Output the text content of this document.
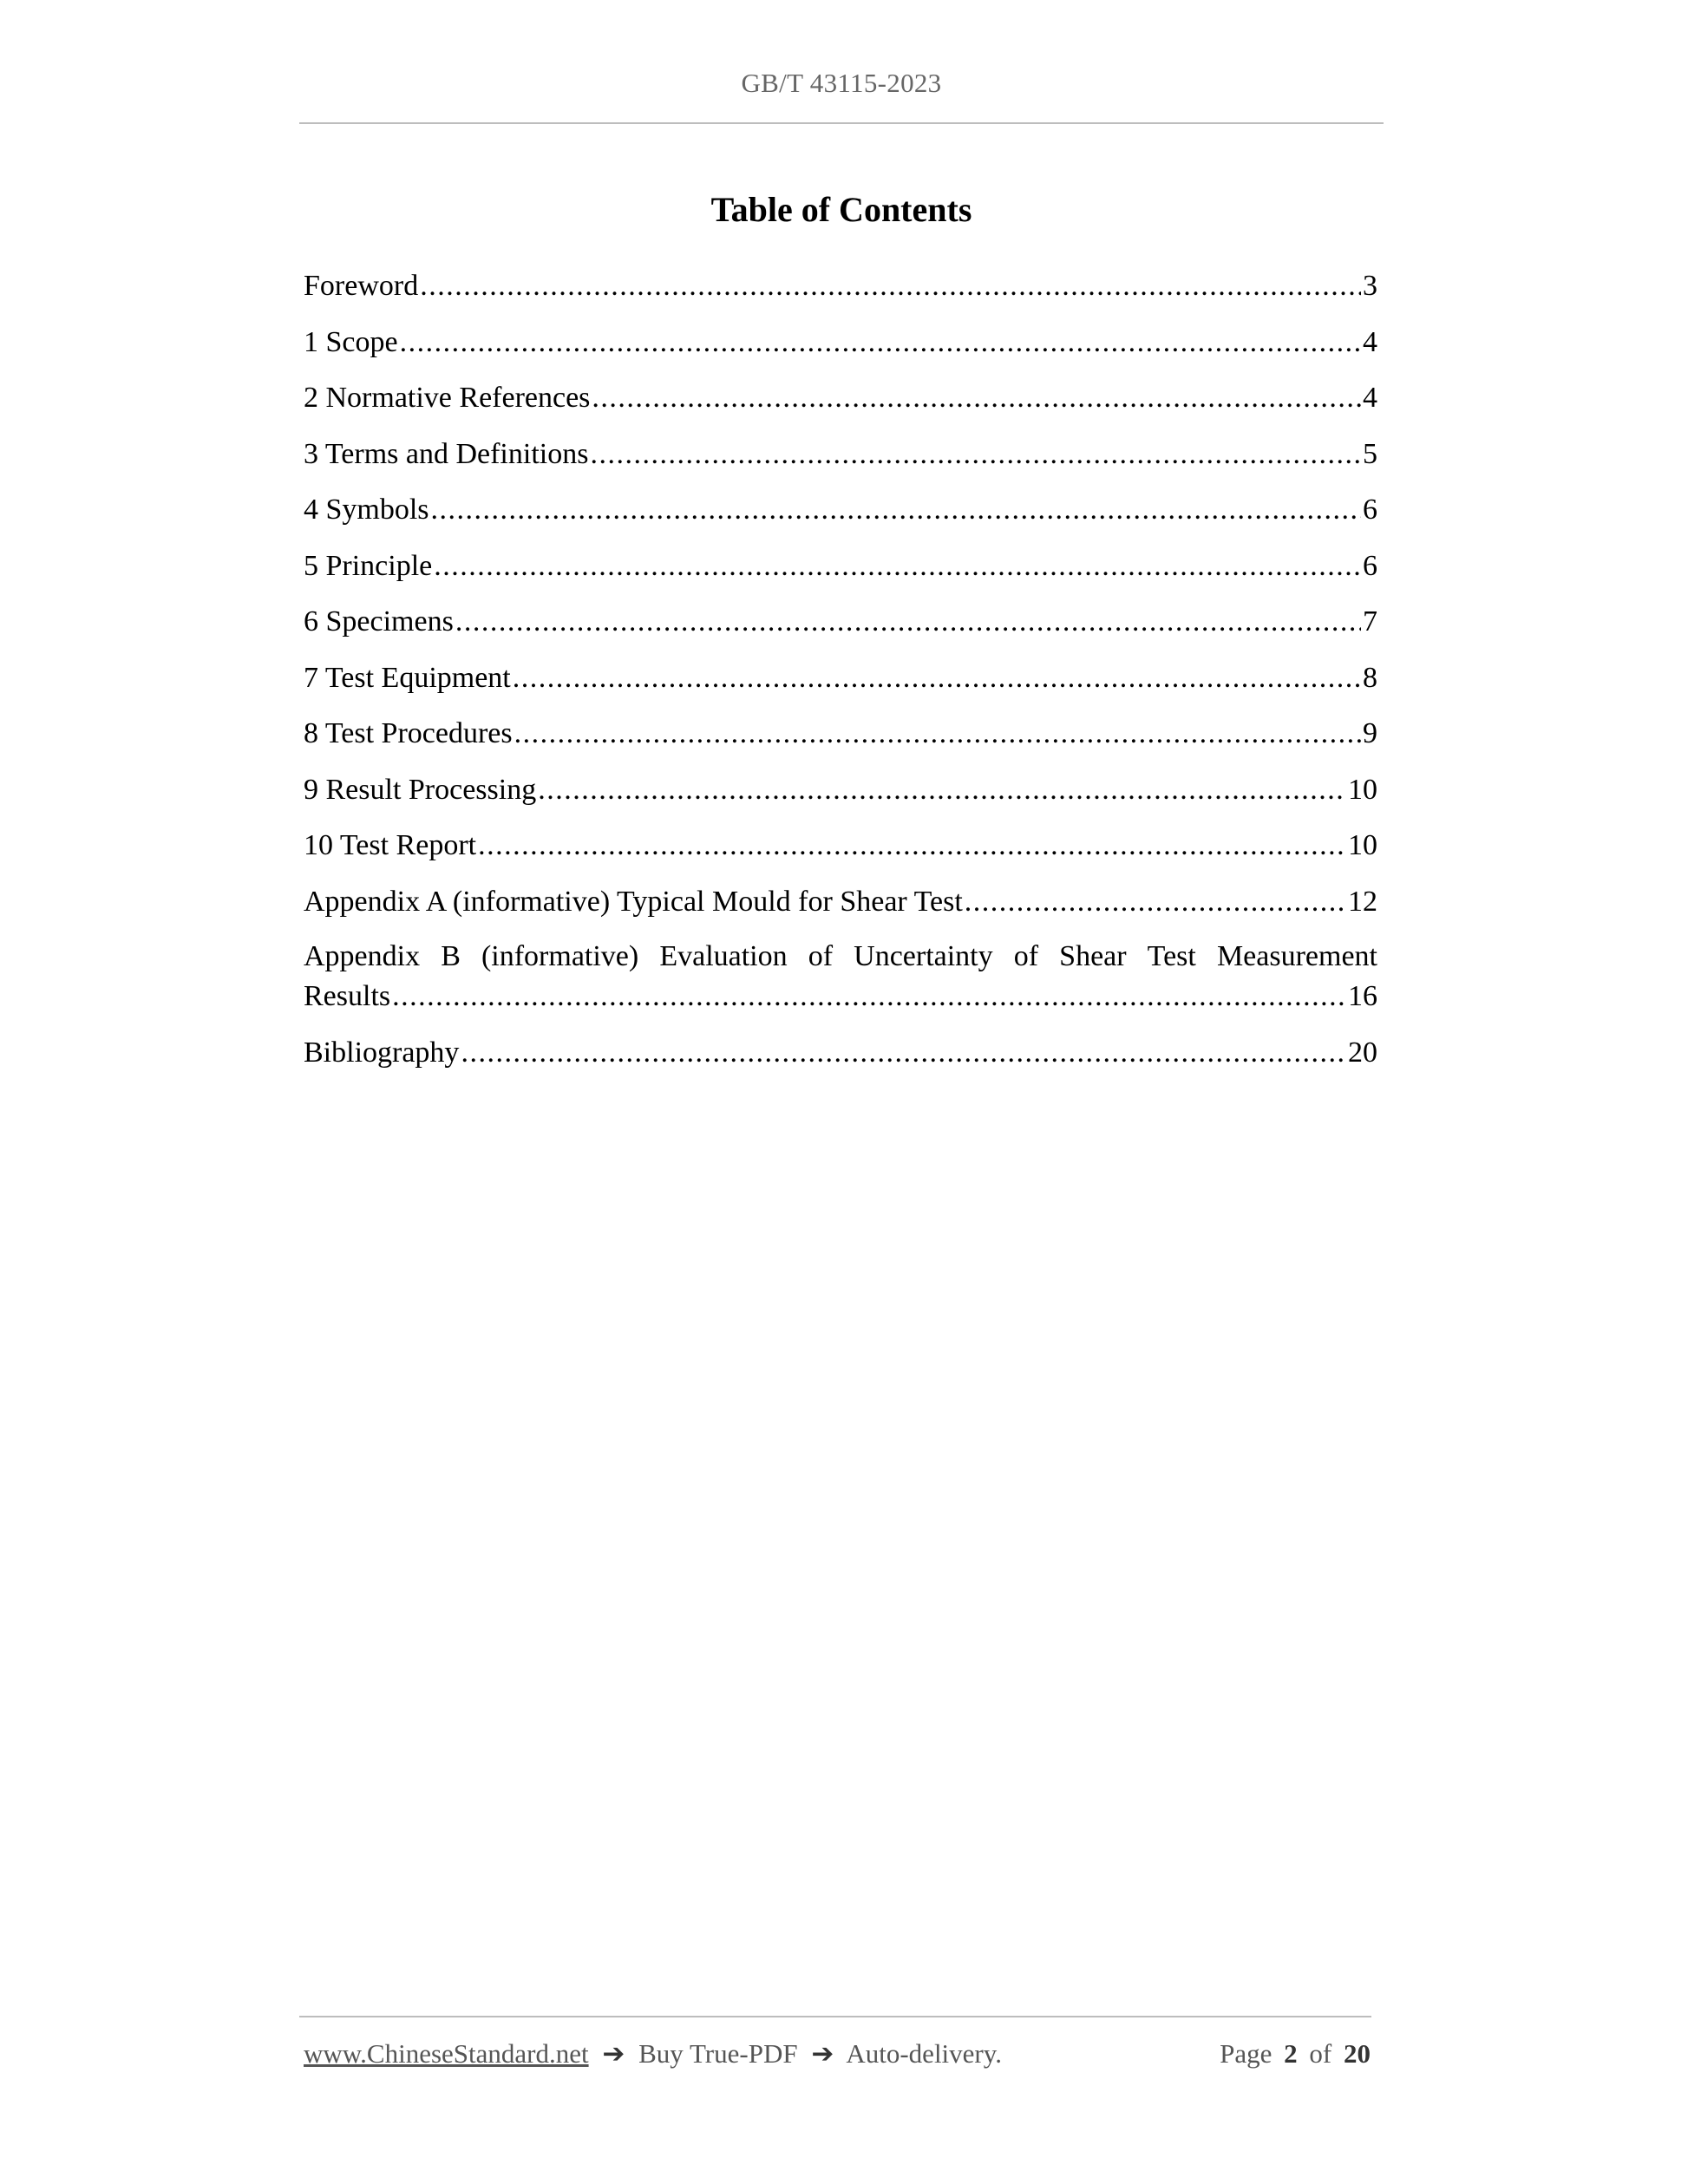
GB/T 43115-2023
Table of Contents
Foreword .....	3
1 Scope .....	4
2 Normative References .....	4
3 Terms and Definitions .....	5
4 Symbols .....	6
5 Principle .....	6
6 Specimens .....	7
7 Test Equipment .....	8
8 Test Procedures .....	9
9 Result Processing .....	10
10 Test Report .....	10
Appendix A (informative) Typical Mould for Shear Test .....	12
Appendix B (informative) Evaluation of Uncertainty of Shear Test Measurement
Results .....	16
Bibliography .....	20
www.ChineseStandard.net ➔ Buy True-PDF ➔ Auto-delivery.	Page 2 of 20
